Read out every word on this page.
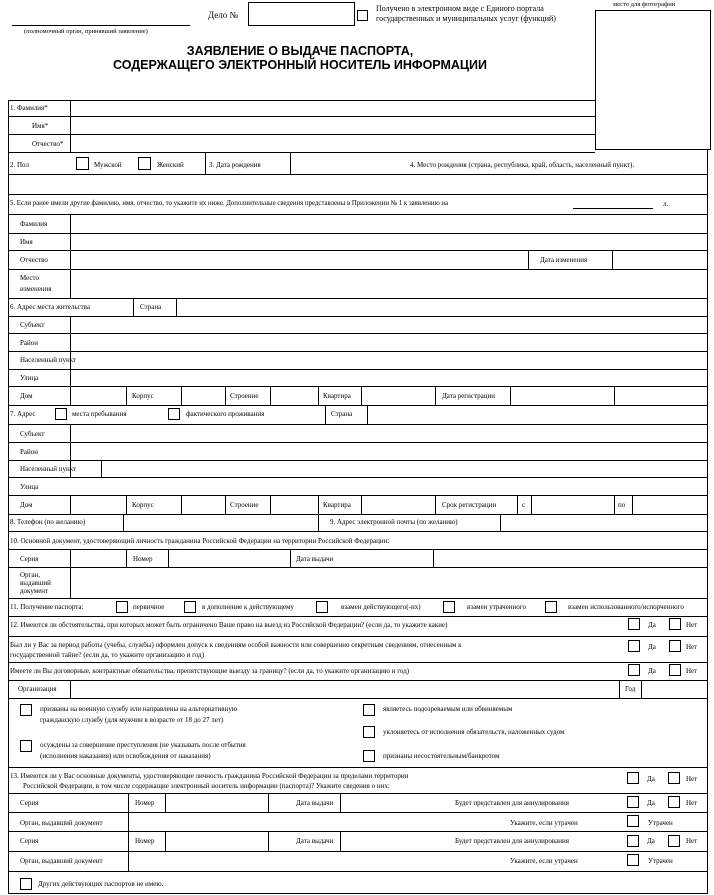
(полномочный орган, принявший заявление)
Дело №
Получено в электронном виде с Единого портала
государственных и муниципальных услуг (функций)
место для фотографии
ЗАЯВЛЕНИЕ О ВЫДАЧЕ ПАСПОРТА,
СОДЕРЖАЩЕГО ЭЛЕКТРОННЫЙ НОСИТЕЛЬ ИНФОРМАЦИИ
1. Фамилия*
Имя*
Отчество*
2. Пол	Мужской	Женский	3. Дата рождения	4. Место рождения (страна, республика, край, область, населенный пункт).
5. Если ранее имели другие фамилию, имя, отчество, то укажите их ниже. Дополнительные сведения представлены в Приложении № 1 к заявлению на	л.
Фамилия
Имя
Отчество	Дата изменения
Место
изменения
6. Адрес места жительства	Страна
Субъект
Район
Населенный пункт
Улица
Дом	Корпус	Строение	Квартира	Дата регистрации
7. Адрес	места пребывания	фактического проживания	Страна
Субъект
Район
Населенный пункт
Улица
Дом	Корпус	Строение	Квартира	Срок регистрации	с	по
8. Телефон (по желанию)	9. Адрес электронной почты (по желанию)
10. Основной документ, удостоверяющий личность гражданина Российской Федерации на территории Российской Федерации:
Серия	Номер	Дата выдачи
Орган,
выдавший
документ
11. Получение паспорта:	первичное	в дополнение к действующему	взамен действующего(-их)	взамен утраченного	взамен использованного/испорченного
12. Имеются ли обстоятельства, при которых может быть ограничено Ваше право на выезд из Российской Федерации? (если да, то укажите какие)	Да	Нет
Был ли у Вас за период работы (учебы, службы) оформлен допуск к сведениям особой важности или совершенно секретным сведениям, отнесенным к
государственной тайне? (если да, то укажите организацию и год)
Да	Нет
Имеете ли Вы договорные, контрактные обязательства, препятствующие выезду за границу? (если да, то укажите организацию и год)	Да	Нет
Организация	Год
призваны на военную службу или направлены на альтернативную
гражданскую службу (для мужчин в возрасте от 18 до 27 лет)
осуждены за совершение преступления (не указывать после отбытия
(исполнения наказания) или освобождения от наказания)
являетесь подозреваемым или обвиняемым
уклоняетесь от исполнения обязательств, наложенных судом
признаны несостоятельным/банкротом
13. Имеются ли у Вас основные документы, удостоверяющие личность гражданина Российской Федерации за пределами территории
Российской Федерации, в том числе содержащие электронный носитель информации (паспорта)? Укажите сведения о них:
Да	Нет
Серия	Номер	Дата выдачи	Будет представлен для аннулирования	Да	Нет
Орган, выдавший документ	Укажите, если утрачен	Утрачен
Серия	Номер	Дата выдачи	Будет представлен для аннулирования	Да	Нет
Орган, выдавший документ	Укажите, если утрачен	Утрачен
Других действующих паспортов не имею.
